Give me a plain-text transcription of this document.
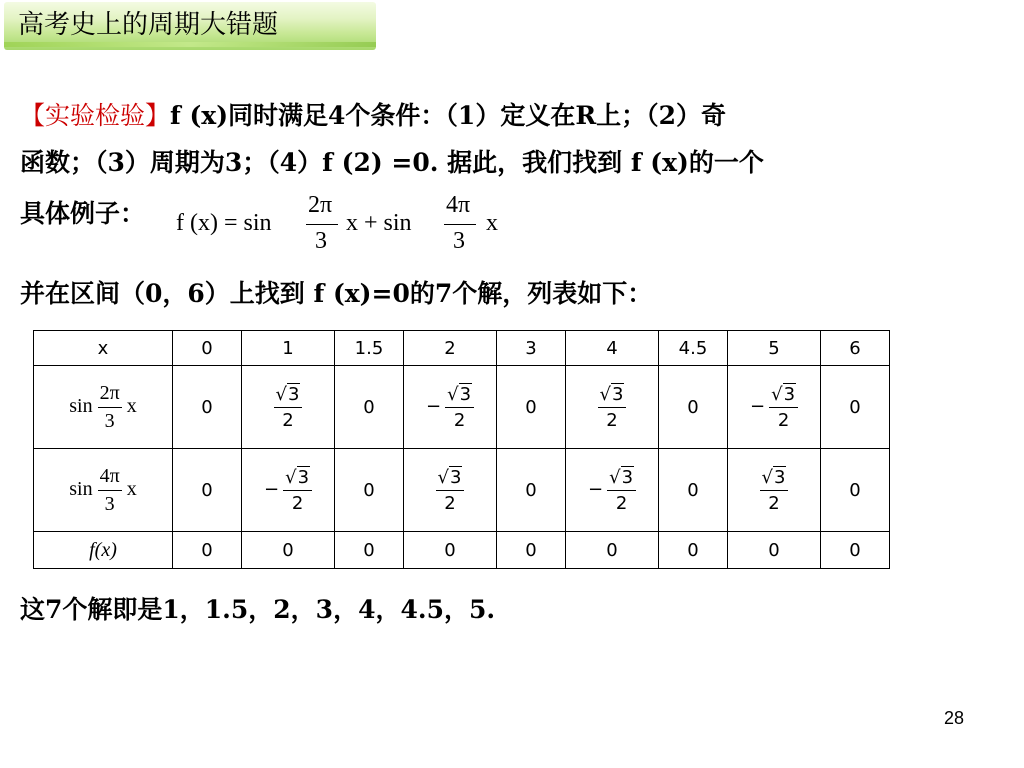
高考史上的周期大错题
【实验检验】f (x)同时满足4个条件：（1）定义在R上；（2）奇
函数；（3）周期为3；（4）f (2) =0. 据此，我们找到 f (x)的一个
具体例子： f (x) = sin
2π
3
x + sin
4π
3
x
并在区间（0，6）上找到 f (x)=0的7个解，列表如下：
x	0	1	1.5	2	3	4	4.5	5	6
$\sin \frac{2\pi}{3}$ x	0	$\frac{√3}{2}$	0	− $\frac{√3}{2}$	0	$\frac{√3}{2}$	0	− $\frac{√3}{2}$	0
$\sin \frac{4\pi}{3}$ x	0	− $\frac{√3}{2}$	0	$\frac{√3}{2}$	0	− $\frac{√3}{2}$	0	$\frac{√3}{2}$	0
f(x)	0	0	0	0	0	0	0	0	0
这7个解即是1，1.5，2，3，4，4.5，5.
28
